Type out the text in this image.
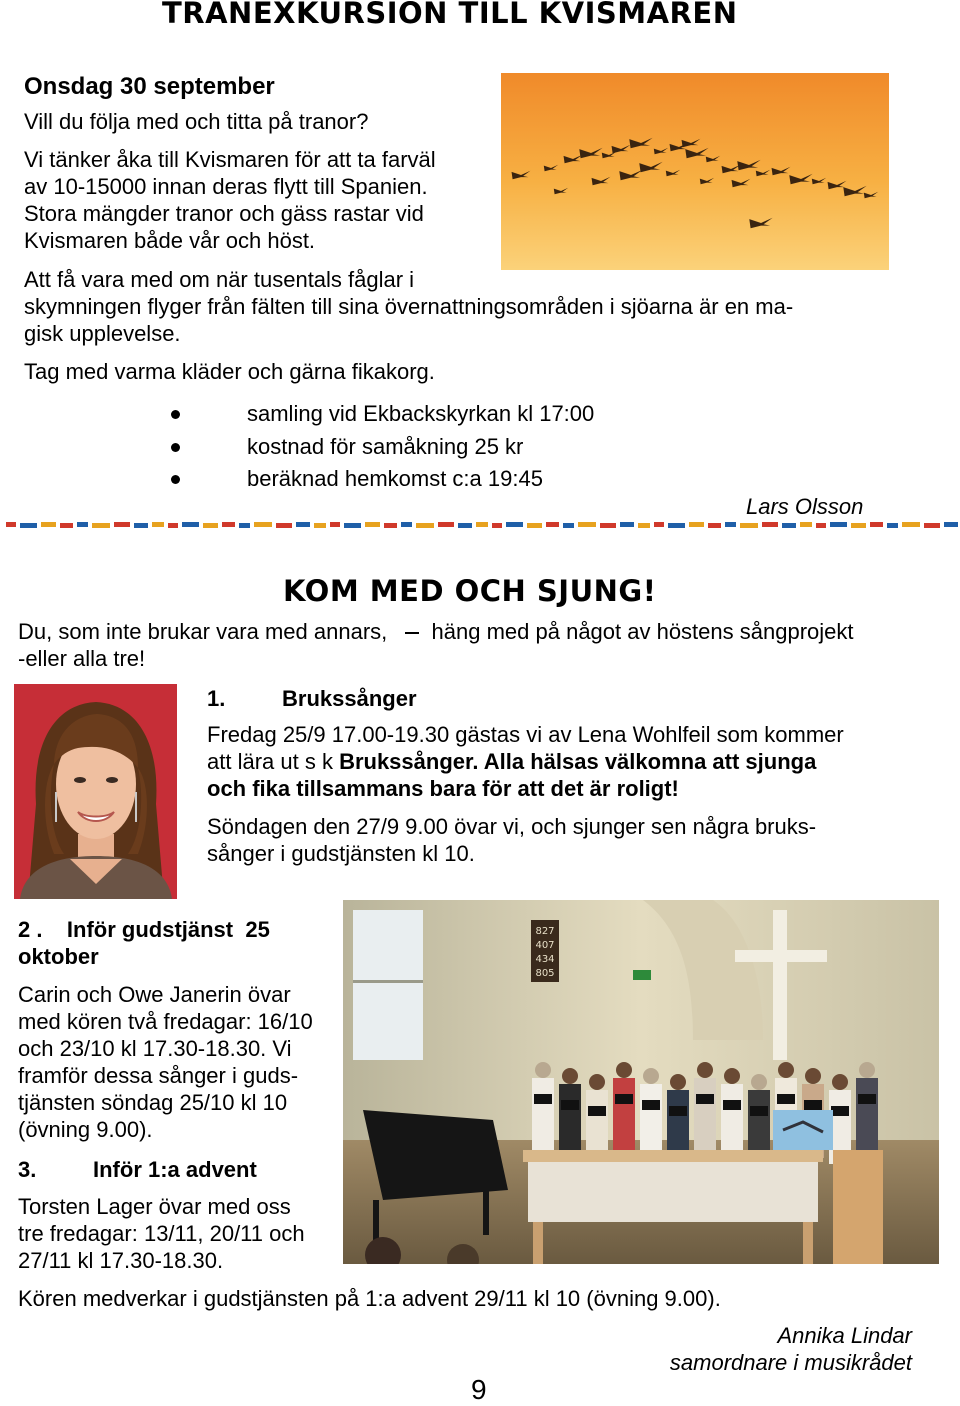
TRANEXKURSION TILL KVISMAREN
Onsdag 30 september
Vill du följa med och titta på tranor?
Vi tänker åka till Kvismaren för att ta farväl
av 10-15000 innan deras flytt till Spanien.
Stora mängder tranor och gäss rastar vid
Kvismaren både vår och höst.
Att få vara med om när tusentals fåglar i
skymningen flyger från fälten till sina övernattningsområden i sjöarna är en ma-
gisk upplevelse.
Tag med varma kläder och gärna fikakorg.
samling vid Ekbackskyrkan kl 17:00
kostnad för samåkning 25 kr
beräknad hemkomst c:a 19:45
Lars Olsson
KOM MED OCH SJUNG!
Du, som inte brukar vara med annars, häng med på något av höstens sångprojekt
-eller alla tre!
1.	Brukssånger
Fredag 25/9 17.00-19.30 gästas vi av Lena Wohlfeil som kommer
att lära ut s k Brukssånger. Alla hälsas välkomna att sjunga
och fika tillsammans bara för att det är roligt!
Söndagen den 27/9 9.00 övar vi, och sjunger sen några bruks-
sånger i gudstjänsten kl 10.
2 .    Inför gudstjänst  25
oktober
Carin och Owe Janerin övar
med kören två fredagar: 16/10
och 23/10 kl 17.30-18.30. Vi
framför dessa sånger i guds-
tjänsten söndag 25/10 kl 10
(övning 9.00).
3.	Inför 1:a advent
Torsten Lager övar med oss
tre fredagar: 13/11, 20/11 och
27/11 kl 17.30-18.30.
827
407
434
805
Kören medverkar i gudstjänsten på 1:a advent 29/11 kl 10 (övning 9.00).
Annika Lindar
samordnare i musikrådet
9
